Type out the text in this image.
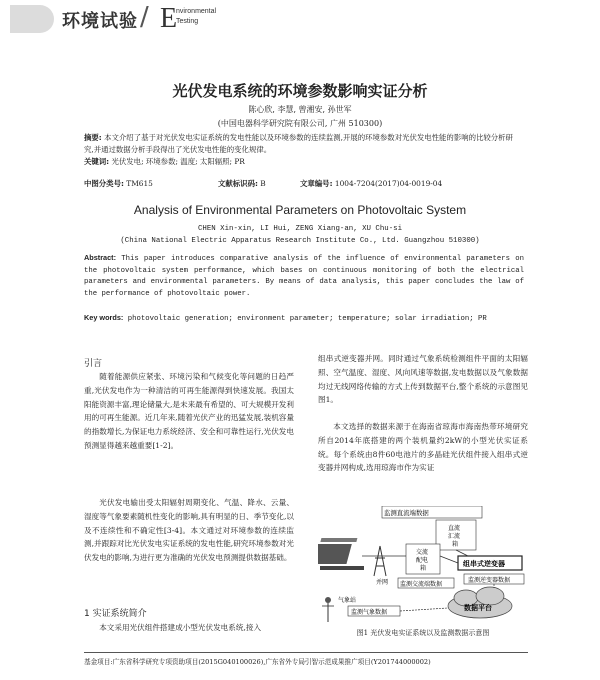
环境试验 / E
nvironmental
Testing
光伏发电系统的环境参数影响实证分析
陈心欣, 李慧, 曾湘安, 孙世军
(中国电器科学研究院有限公司, 广州 510300)
摘要: 本文介绍了基于对光伏发电实证系统的发电性能以及环境参数的连续监测,开展的环境参数对光伏发电性能的影响的比较分析研究,并通过数据分析手段得出了光伏发电性能的变化规律。
关键词: 光伏发电; 环境参数; 温度; 太阳辐照; PR
中图分类号: TM615	文献标识码: B	文章编号: 1004-7204(2017)04-0019-04
Analysis of Environmental Parameters on Photovoltaic System
CHEN Xin-xin, LI Hui, ZENG Xiang-an, XU Chu-si
(China National Electric Apparatus Research Institute Co., Ltd. Guangzhou 510300)
Abstract: This paper introduces comparative analysis of the influence of environmental parameters on the photovoltaic system performance, which bases on continuous monitoring of both the electrical parameters and environmental parameters. By means of data analysis, this paper concludes the law of the performance of photovoltaic power.
Key words: photovoltaic generation; environment parameter; temperature; solar irradiation; PR
引言
随着能源供应紧张、环境污染和气候变化等问题的日趋严重,光伏发电作为一种清洁的可再生能源得到快速发展。我国太阳能资源丰富,理论储量大,是未来最有希望的、可大规模开发利用的可再生能源。近几年来,随着光伏产业的迅猛发展,装机容量的指数增长,为保证电力系统经济、安全和可靠性运行,光伏发电预测显得越来越重要[1-2]。
光伏发电输出受太阳辐射周期变化、气温、降水、云量、湿度等气象要素随机性变化的影响,具有明显的日、季节变化,以及不连续性和不确定性[3-4]。本文通过对环境参数的连续监测,并跟踪对比光伏发电实证系统的发电性能,研究环境参数对光伏发电的影响,为进行更为准确的光伏发电预测提供数据基础。
1 实证系统简介
本文采用光伏组件搭建成小型光伏发电系统,接入
组串式逆变器并网。同时通过气象系统检测组件平面的太阳辐照、空气温度、湿度、风向风速等数据,发电数据以及气象数据均过无线网络传输的方式上传到数据平台,整个系统的示意图见图1。
本文选择的数据来源于在海南省琼海市海南热带环境研究所自2014年底搭建的两个装机量约2kW的小型光伏实证系统。每个系统由8件60电池片的多晶硅光伏组件接入组串式逆变器并网构成,选用琼海市作为实证
监测直流端数据
直流
汇流
箱
组串式逆变器
交流
配电
箱
并网 监测交流端数据
监测逆变器数据
气象站
监测气象数据
数据平台
图1 光伏发电实证系统以及监测数据示意图
基金项目:广东省科学研究专项资助项目(2015G040100026),广东省外专局引智示范成果推广项目(Y201744000002)
